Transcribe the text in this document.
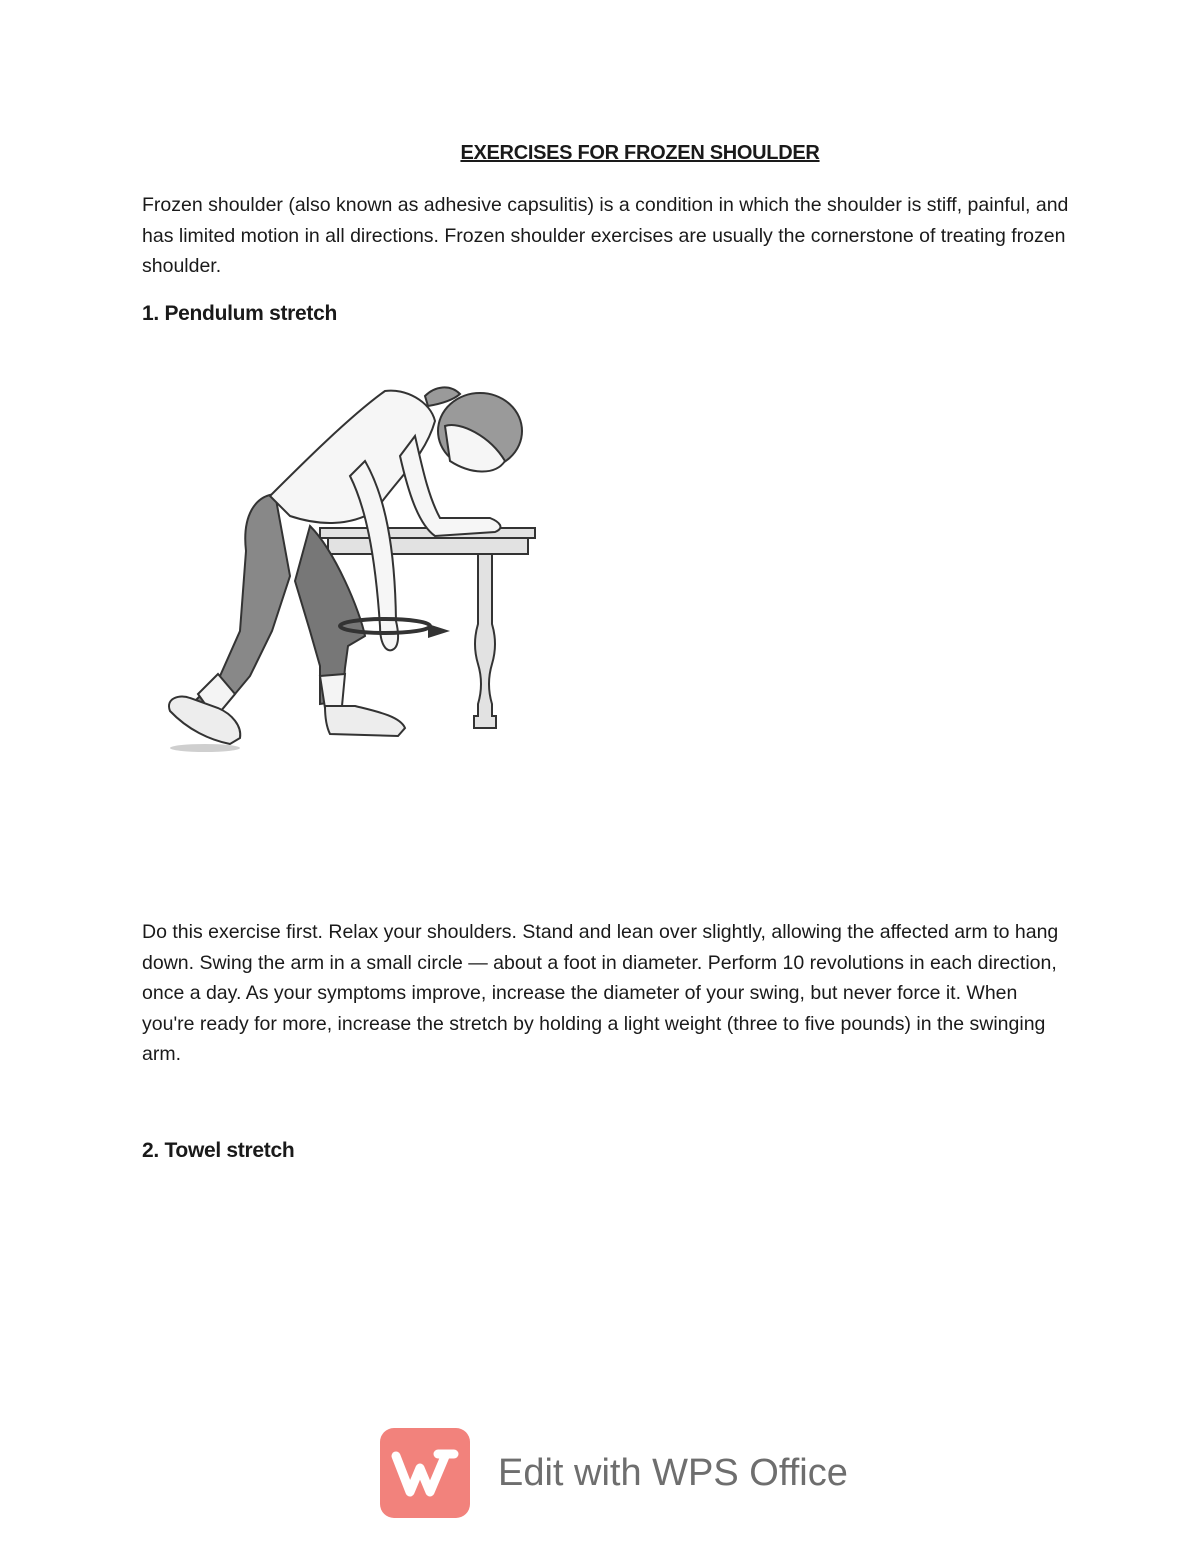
EXERCISES FOR FROZEN SHOULDER

Frozen shoulder (also known as adhesive capsulitis) is a condition in which the shoulder is stiff, painful, and has limited motion in all directions. Frozen shoulder exercises are usually the cornerstone of treating frozen shoulder.

1. Pendulum stretch

Do this exercise first. Relax your shoulders. Stand and lean over slightly, allowing the affected arm to hang down. Swing the arm in a small circle — about a foot in diameter. Perform 10 revolutions in each direction, once a day. As your symptoms improve, increase the diameter of your swing, but never force it. When you're ready for more, increase the stretch by holding a light weight (three to five pounds) in the swinging arm.

2. Towel stretch
Edit with WPS Office
